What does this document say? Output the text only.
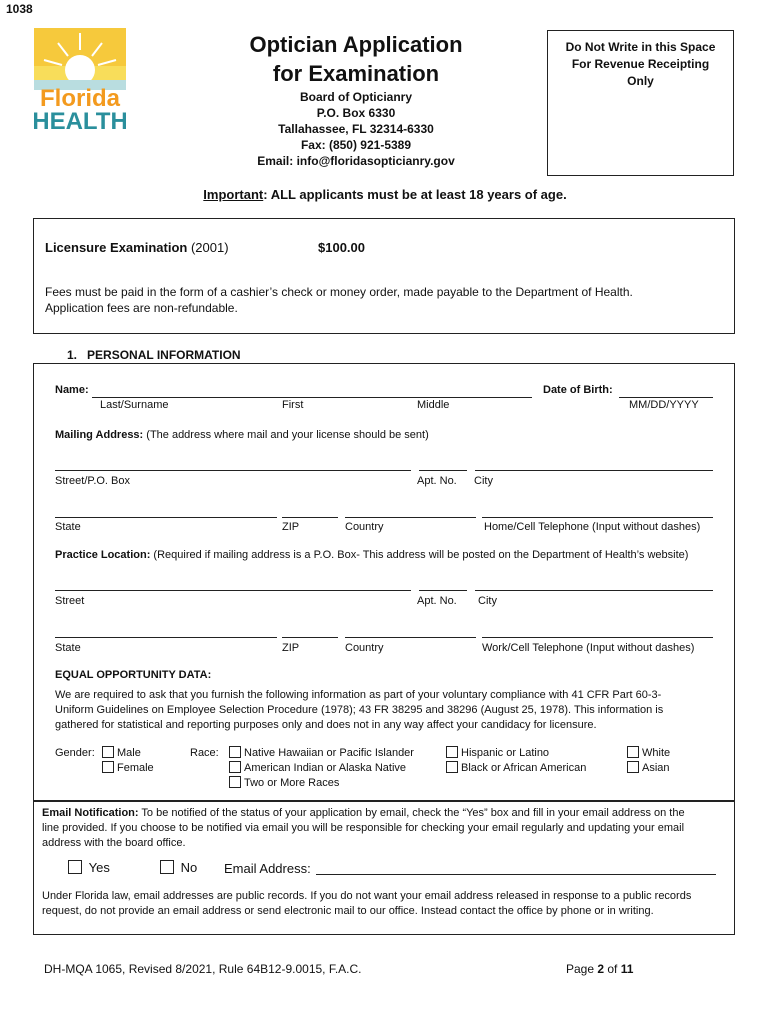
1038
Florida
HEALTH
Optician Application
for Examination
Board of Opticianry
P.O. Box 6330
Tallahassee, FL 32314-6330
Fax: (850) 921-5389
Email: info@floridasopticianry.gov
Do Not Write in this Space
For Revenue Receipting Only
Important: ALL applicants must be at least 18 years of age.
Licensure Examination (2001)	$100.00
Fees must be paid in the form of a cashier’s check or money order, made payable to the Department of Health.
Application fees are non-refundable.
1. PERSONAL INFORMATION
Name:	Date of Birth:
Last/Surname	First	Middle	MM/DD/YYYY
Mailing Address: (The address where mail and your license should be sent)
Street/P.O. Box	Apt. No. City
State	ZIP	Country	Home/Cell Telephone (Input without dashes)
Practice Location: (Required if mailing address is a P.O. Box- This address will be posted on the Department of Health’s website)
Street	Apt. No. City
State	ZIP	Country	Work/Cell Telephone (Input without dashes)
EQUAL OPPORTUNITY DATA:
We are required to ask that you furnish the following information as part of your voluntary compliance with 41 CFR Part 60-3-
Uniform Guidelines on Employee Selection Procedure (1978); 43 FR 38295 and 38296 (August 25, 1978). This information is
gathered for statistical and reporting purposes only and does not in any way affect your candidacy for licensure.
Gender:	Male
Female
Race:	Native Hawaiian or Pacific Islander
American Indian or Alaska Native
Two or More Races
Hispanic or Latino
Black or African American
White
Asian
Email Notification: To be notified of the status of your application by email, check the “Yes” box and fill in your email address on the
line provided. If you choose to be notified via email you will be responsible for checking your email regularly and updating your email
address with the board office.
Yes	No Email Address:
Under Florida law, email addresses are public records. If you do not want your email address released in response to a public records
request, do not provide an email address or send electronic mail to our office. Instead contact the office by phone or in writing.
DH-MQA 1065, Revised 8/2021, Rule 64B12-9.0015, F.A.C.	Page 2 of 11
